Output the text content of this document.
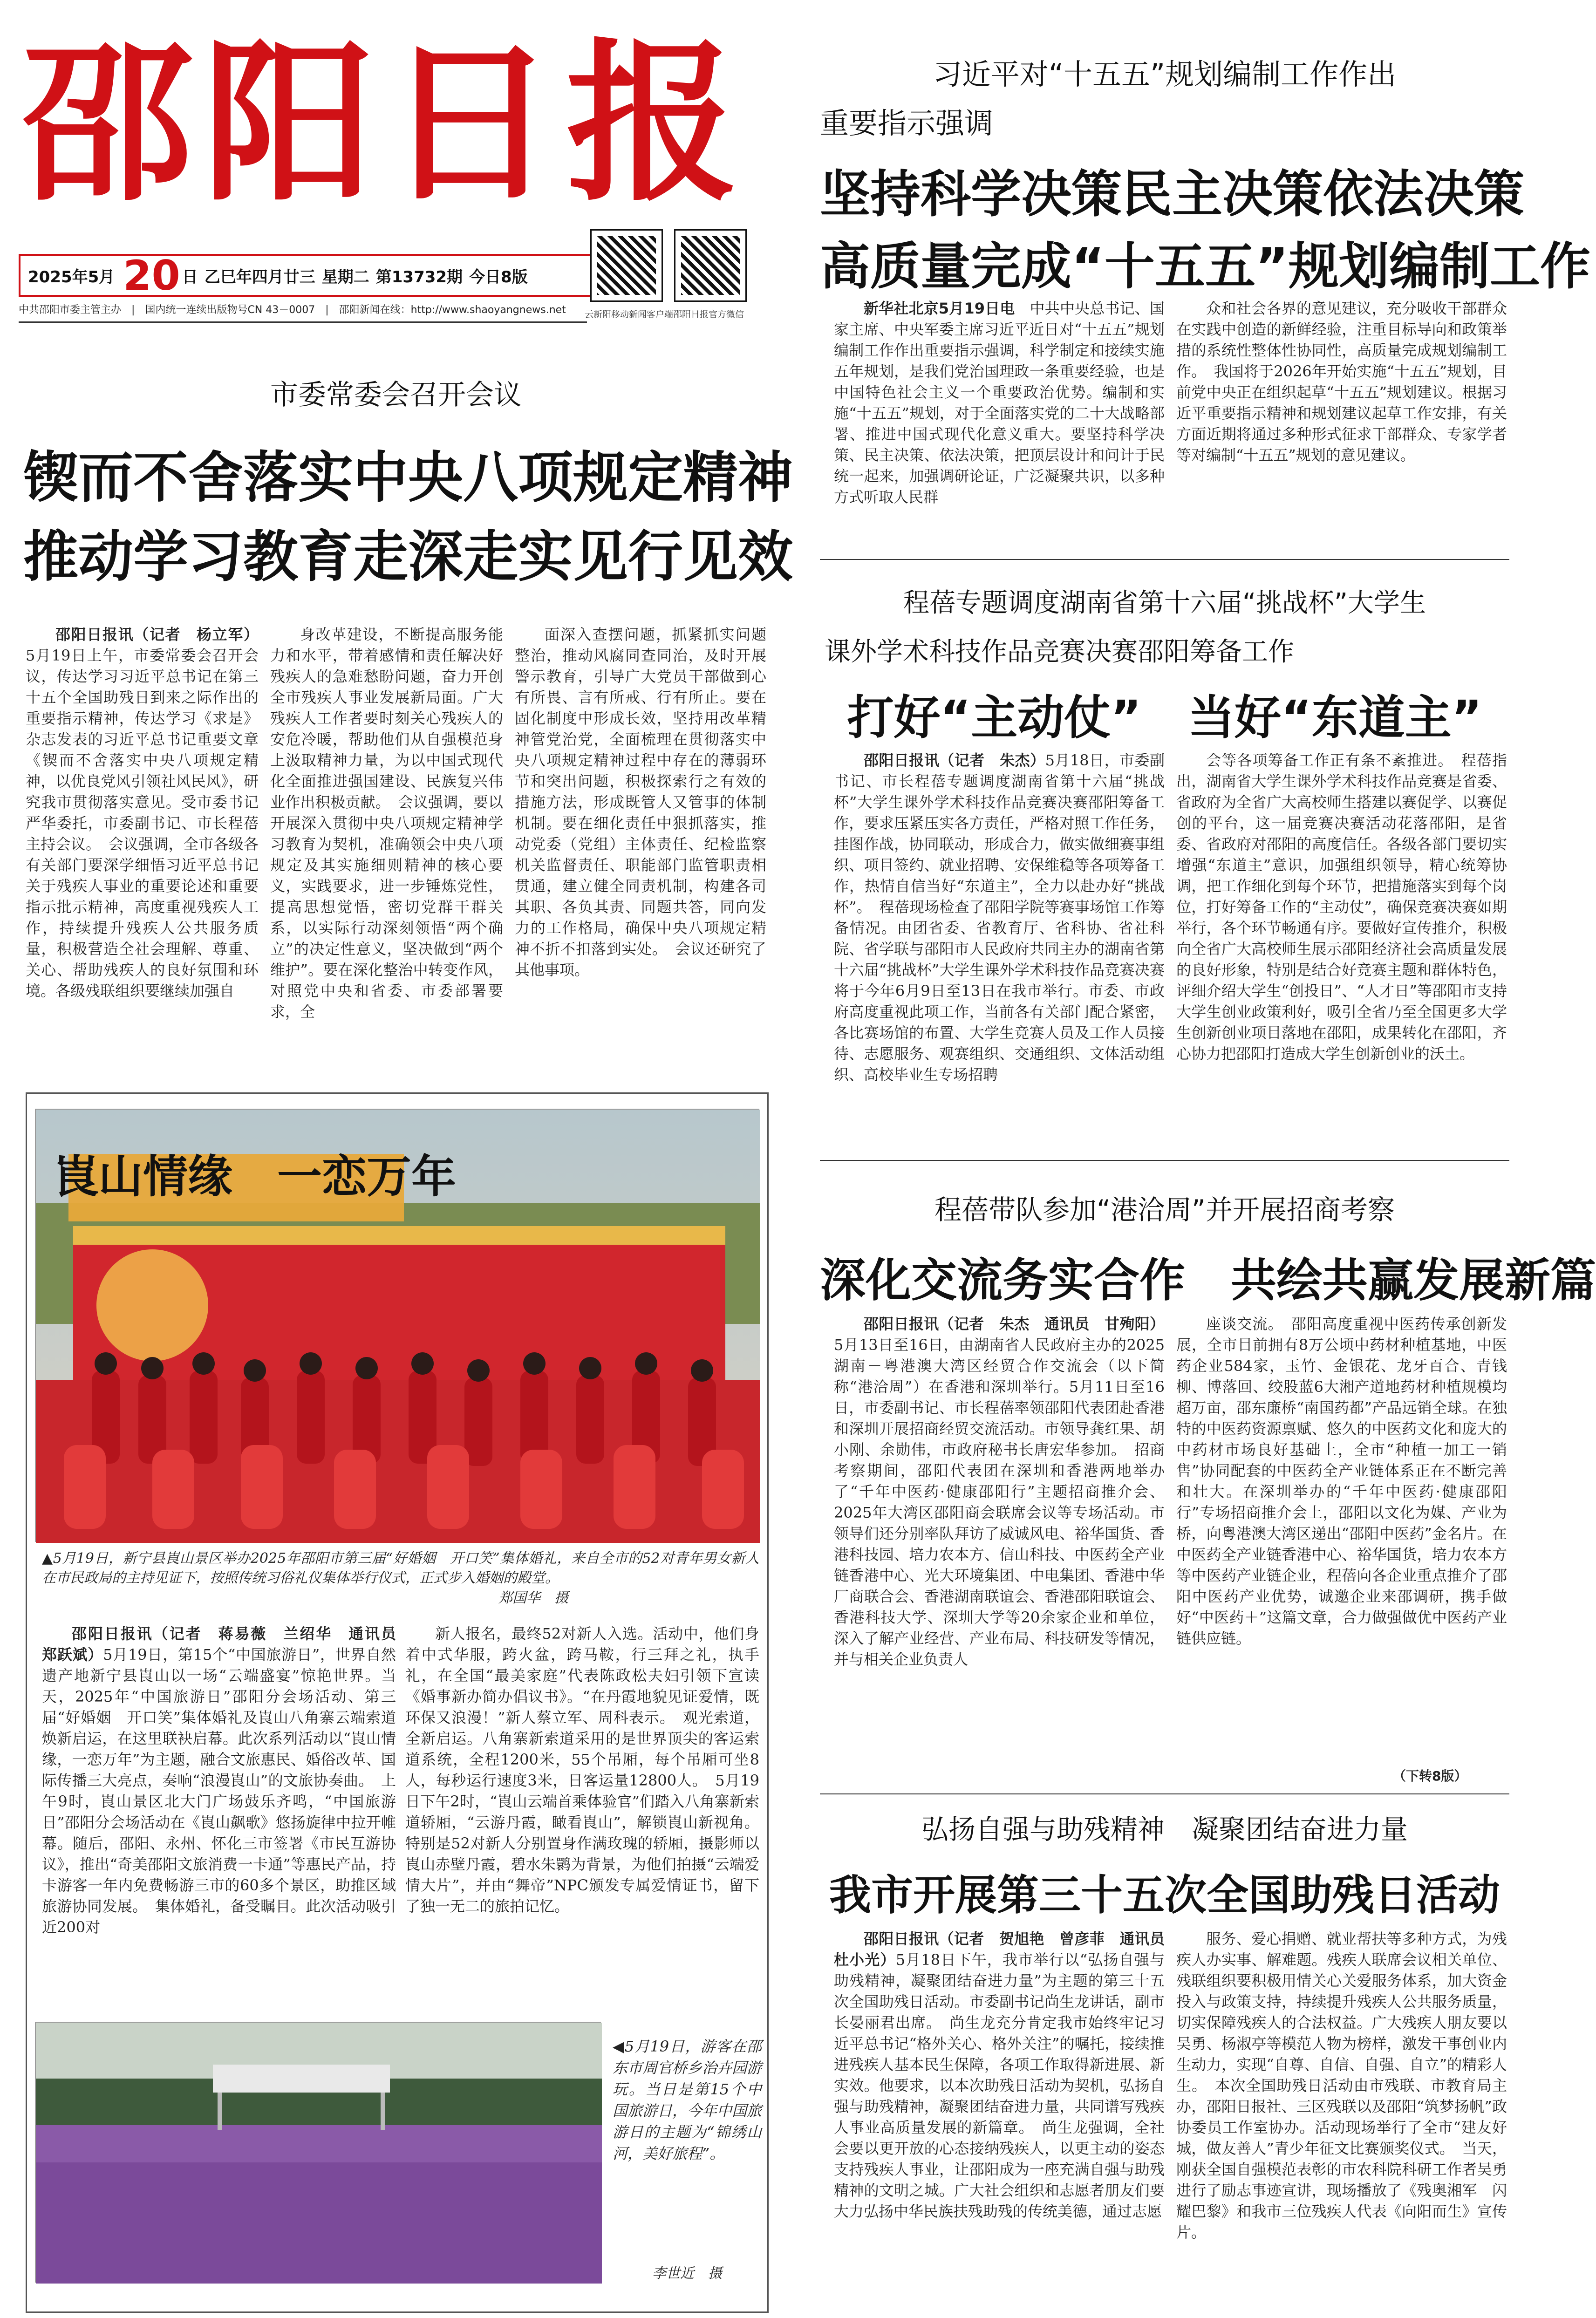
邵阳日报
2025年5月 20 日 乙巳年四月廿三 星期二 第13732期 今日8版
云新阳移动新闻客户端 邵阳日报官方微信
中共邵阳市委主管主办　|　国内统一连续出版物号CN 43－0007　|　邵阳新闻在线：http://www.shaoyangnews.net
市委常委会召开会议
锲而不舍落实中央八项规定精神
推动学习教育走深走实见行见效

邵阳日报讯（记者　杨立军）5月19日上午，市委常委会召开会议，传达学习习近平总书记在第三十五个全国助残日到来之际作出的重要指示精神，传达学习《求是》杂志发表的习近平总书记重要文章《锲而不舍落实中央八项规定精神，以优良党风引领社风民风》，研究我市贯彻落实意见。受市委书记严华委托，市委副书记、市长程蓓主持会议。　会议强调，全市各级各有关部门要深学细悟习近平总书记关于残疾人事业的重要论述和重要指示批示精神，高度重视残疾人工作，持续提升残疾人公共服务质量，积极营造全社会理解、尊重、关心、帮助残疾人的良好氛围和环境。各级残联组织要继续加强自

身改革建设，不断提高服务能力和水平，带着感情和责任解决好残疾人的急难愁盼问题，奋力开创全市残疾人事业发展新局面。广大残疾人工作者要时刻关心残疾人的安危冷暖，帮助他们从自强模范身上汲取精神力量，为以中国式现代化全面推进强国建设、民族复兴伟业作出积极贡献。　会议强调，要以开展深入贯彻中央八项规定精神学习教育为契机，准确领会中央八项规定及其实施细则精神的核心要义，实践要求，进一步锤炼党性，提高思想觉悟，密切党群干群关系，以实际行动深刻领悟“两个确立”的决定性意义，坚决做到“两个维护”。要在深化整治中转变作风，对照党中央和省委、市委部署要求，全

面深入查摆问题，抓紧抓实问题整治，推动风腐同查同治，及时开展警示教育，引导广大党员干部做到心有所畏、言有所戒、行有所止。要在固化制度中形成长效，坚持用改革精神管党治党，全面梳理在贯彻落实中央八项规定精神过程中存在的薄弱环节和突出问题，积极探索行之有效的措施方法，形成既管人又管事的体制机制。要在细化责任中狠抓落实，推动党委（党组）主体责任、纪检监察机关监督责任、职能部门监管职责相贯通，建立健全同责机制，构建各司其职、各负其责、同题共答，同向发力的工作格局，确保中央八项规定精神不折不扣落到实处。　会议还研究了其他事项。

崀山情缘　一恋万年
▲5月19日，新宁县崀山景区举办2025年邵阳市第三届“好婚姻　开口笑”集体婚礼，来自全市的52对青年男女新人在市民政局的主持见证下，按照传统习俗礼仪集体举行仪式，正式步入婚姻的殿堂。
郑国华　摄

邵阳日报讯（记者　蒋易薇　兰绍华　通讯员　郑跃斌）5月19日，第15个“中国旅游日”，世界自然遗产地新宁县崀山以一场“云端盛宴”惊艳世界。当天，2025年“中国旅游日”邵阳分会场活动、第三届“好婚姻　开口笑”集体婚礼及崀山八角寨云端索道焕新启运，在这里联袂启幕。此次系列活动以“崀山情缘，一恋万年”为主题，融合文旅惠民、婚俗改革、国际传播三大亮点，奏响“浪漫崀山”的文旅协奏曲。　上午9时，崀山景区北大门广场鼓乐齐鸣，“中国旅游日”邵阳分会场活动在《崀山飙歌》悠扬旋律中拉开帷幕。随后，邵阳、永州、怀化三市签署《市民互游协议》，推出“奇美邵阳文旅消费一卡通”等惠民产品，持卡游客一年内免费畅游三市的60多个景区，助推区域旅游协同发展。　集体婚礼，备受瞩目。此次活动吸引近200对

新人报名，最终52对新人入选。活动中，他们身着中式华服，跨火盆，跨马鞍，行三拜之礼，执手礼，在全国“最美家庭”代表陈政松夫妇引领下宣读《婚事新办简办倡议书》。“在丹霞地貌见证爱情，既环保又浪漫！”新人蔡立军、周科表示。　观光索道，全新启运。八角寨新索道采用的是世界顶尖的客运索道系统，全程1200米，55个吊厢，每个吊厢可坐8人，每秒运行速度3米，日客运量12800人。　5月19日下午2时，“崀山云端首乘体验官”们踏入八角寨新索道轿厢，“云游丹霞，瞰看崀山”，解锁崀山新视角。特别是52对新人分别置身作满玫瑰的轿厢，摄影师以崀山赤壁丹霞，碧水朱鹮为背景，为他们拍摄“云端爱情大片”，并由“舞帝”NPC颁发专属爱情证书，留下了独一无二的旅拍记忆。

◀5月19日，游客在邵东市周官桥乡治卉园游玩。当日是第15个中国旅游日，今年中国旅游日的主题为“锦绣山河，美好旅程”。
李世近　摄
习近平对“十五五”规划编制工作作出
重要指示强调
坚持科学决策民主决策依法决策
高质量完成“十五五”规划编制工作

新华社北京5月19日电　 中共中央总书记、国家主席、中央军委主席习近平近日对“十五五”规划编制工作作出重要指示强调，科学制定和接续实施五年规划，是我们党治国理政一条重要经验，也是中国特色社会主义一个重要政治优势。编制和实施“十五五”规划，对于全面落实党的二十大战略部署、推进中国式现代化意义重大。要坚持科学决策、民主决策、依法决策，把顶层设计和问计于民统一起来，加强调研论证，广泛凝聚共识，以多种方式听取人民群

众和社会各界的意见建议，充分吸收干部群众在实践中创造的新鲜经验，注重目标导向和政策举措的系统性整体性协同性，高质量完成规划编制工作。　我国将于2026年开始实施“十五五”规划，目前党中央正在组织起草“十五五”规划建议。根据习近平重要指示精神和规划建议起草工作安排，有关方面近期将通过多种形式征求干部群众、专家学者等对编制“十五五”规划的意见建议。

程蓓专题调度湖南省第十六届“挑战杯”大学生
课外学术科技作品竞赛决赛邵阳筹备工作
打好“主动仗”　当好“东道主”

邵阳日报讯（记者　朱杰）5月18日，市委副书记、市长程蓓专题调度湖南省第十六届“挑战杯”大学生课外学术科技作品竞赛决赛邵阳筹备工作，要求压紧压实各方责任，严格对照工作任务，挂图作战，协同联动，形成合力，做实做细赛事组织、项目签约、就业招聘、安保维稳等各项筹备工作，热情自信当好“东道主”，全力以赴办好“挑战杯”。　程蓓现场检查了邵阳学院等赛事场馆工作筹备情况。由团省委、省教育厅、省科协、省社科院、省学联与邵阳市人民政府共同主办的湖南省第十六届“挑战杯”大学生课外学术科技作品竞赛决赛将于今年6月9日至13日在我市举行。市委、市政府高度重视此项工作，当前各有关部门配合紧密，各比赛场馆的布置、大学生竞赛人员及工作人员接待、志愿服务、观赛组织、交通组织、文体活动组织、高校毕业生专场招聘

会等各项筹备工作正有条不紊推进。　程蓓指出，湖南省大学生课外学术科技作品竞赛是省委、省政府为全省广大高校师生搭建以赛促学、以赛促创的平台，这一届竞赛决赛活动花落邵阳，是省委、省政府对邵阳的高度信任。各级各部门要切实增强“东道主”意识，加强组织领导，精心统筹协调，把工作细化到每个环节，把措施落实到每个岗位，打好筹备工作的“主动仗”，确保竞赛决赛如期举行，各个环节畅通有序。要做好宣传推介，积极向全省广大高校师生展示邵阳经济社会高质量发展的良好形象，特别是结合好竞赛主题和群体特色，评细介绍大学生“创投日”、“人才日”等邵阳市支持大学生创业政策利好，吸引全省乃至全国更多大学生创新创业项目落地在邵阳，成果转化在邵阳，齐心协力把邵阳打造成大学生创新创业的沃土。

程蓓带队参加“港洽周”并开展招商考察
深化交流务实合作　共绘共赢发展新篇

邵阳日报讯（记者　朱杰　通讯员　甘殉阳）5月13日至16日，由湖南省人民政府主办的2025湖南－粤港澳大湾区经贸合作交流会（以下简称“港洽周”）在香港和深圳举行。5月11日至16日，市委副书记、市长程蓓率领邵阳代表团赴香港和深圳开展招商经贸交流活动。市领导龚红果、胡小刚、余勋伟，市政府秘书长唐宏华参加。　招商考察期间，邵阳代表团在深圳和香港两地举办了“千年中医药·健康邵阳行”主题招商推介会、2025年大湾区邵阳商会联席会议等专场活动。市领导们还分别率队拜访了威诚风电、裕华国货、香港科技园、培力农本方、信山科技、中医药全产业链香港中心、光大环境集团、中电集团、香港中华厂商联合会、香港湖南联谊会、香港邵阳联谊会、香港科技大学、深圳大学等20余家企业和单位，深入了解产业经营、产业布局、科技研发等情况，并与相关企业负责人

座谈交流。　邵阳高度重视中医药传承创新发展，全市目前拥有8万公顷中药材种植基地，中医药企业584家，玉竹、金银花、龙牙百合、青钱柳、博落回、绞股蓝6大湘产道地药材种植规模均超万亩，邵东廉桥“南国药都”产品远销全球。在独特的中医药资源禀赋、悠久的中医药文化和庞大的中药材市场良好基础上，全市“种植一加工一销售”协同配套的中医药全产业链体系正在不断完善和壮大。在深圳举办的“千年中医药·健康邵阳行”专场招商推介会上，邵阳以文化为媒、产业为桥，向粤港澳大湾区递出“邵阳中医药”金名片。在中医药全产业链香港中心、裕华国货，培力农本方等中医药产业链企业，程蓓向各企业重点推介了邵阳中医药产业优势，诚邀企业来邵调研，携手做好“中医药＋”这篇文章，合力做强做优中医药产业链供应链。

（下转8版）
弘扬自强与助残精神　凝聚团结奋进力量
我市开展第三十五次全国助残日活动

邵阳日报讯（记者　贺旭艳　曾彦菲　通讯员　杜小光）5月18日下午，我市举行以“弘扬自强与助残精神，凝聚团结奋进力量”为主题的第三十五次全国助残日活动。市委副书记尚生龙讲话，副市长晏丽君出席。　尚生龙充分肯定我市始终牢记习近平总书记“格外关心、格外关注”的嘱托，接续推进残疾人基本民生保障，各项工作取得新进展、新实效。他要求，以本次助残日活动为契机，弘扬自强与助残精神，凝聚团结奋进力量，共同谱写残疾人事业高质量发展的新篇章。　尚生龙强调，全社会要以更开放的心态接纳残疾人，以更主动的姿态支持残疾人事业，让邵阳成为一座充满自强与助残精神的文明之城。广大社会组织和志愿者朋友们要大力弘扬中华民族扶残助残的传统美德，通过志愿

服务、爱心捐赠、就业帮扶等多种方式，为残疾人办实事、解难题。残疾人联席会议相关单位、残联组织要积极用情关心关爱服务体系，加大资金投入与政策支持，持续提升残疾人公共服务质量，切实保障残疾人的合法权益。广大残疾人朋友要以吴勇、杨淑亭等模范人物为榜样，激发干事创业内生动力，实现“自尊、自信、自强、自立”的精彩人生。　本次全国助残日活动由市残联、市教育局主办，邵阳日报社、三区残联以及邵阳“筑梦扬帆”政协委员工作室协办。活动现场举行了全市“建友好城，做友善人”青少年征文比赛颁奖仪式。　当天，刚获全国自强模范表彰的市农科院科研工作者吴勇进行了励志事迹宣讲，现场播放了《残奥湘军　闪耀巴黎》和我市三位残疾人代表《向阳而生》宣传片。
